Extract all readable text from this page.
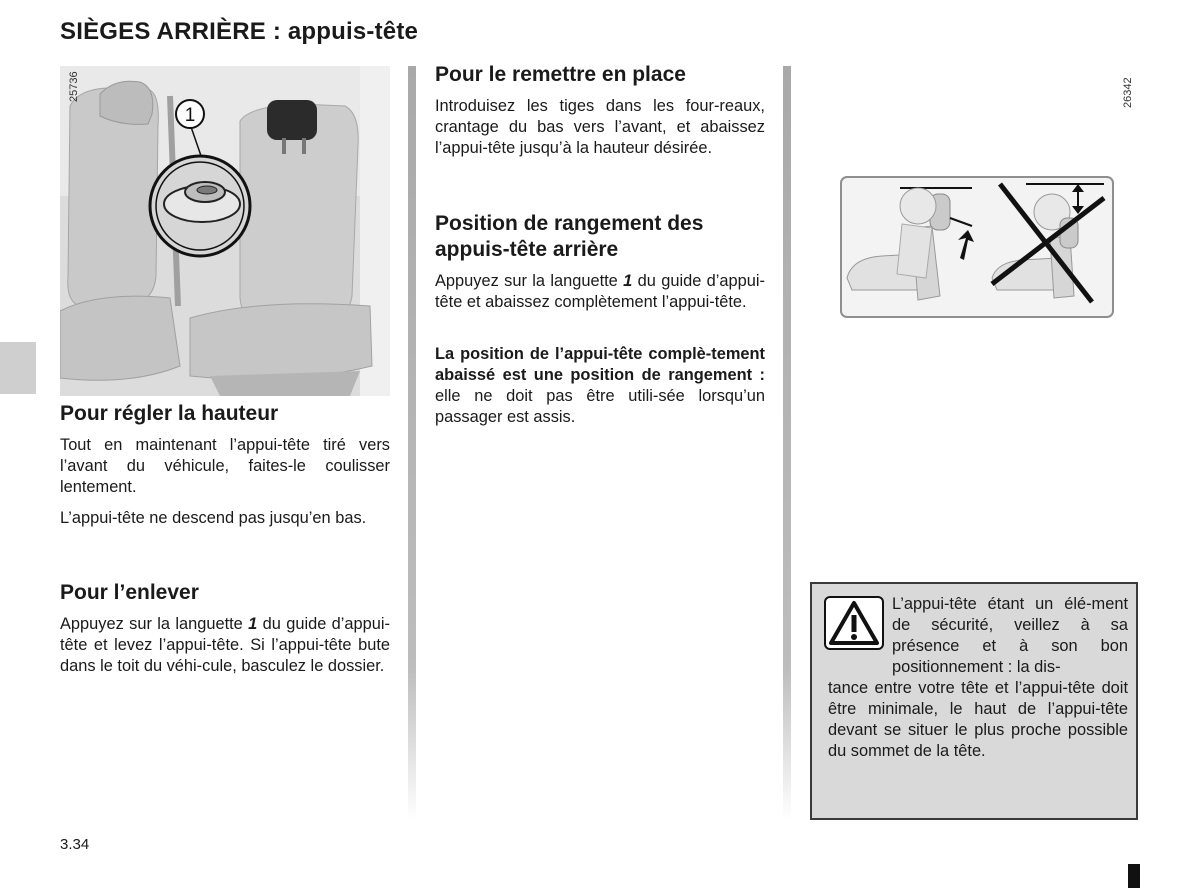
SIÈGES ARRIÈRE : appuis-tête
1
25736
Pour régler la hauteur

Tout en maintenant l’appui-tête tiré vers l’avant du véhicule, faites-le coulisser lentement.

L’appui-tête ne descend pas jusqu’en bas.

Pour l’enlever

Appuyez sur la languette 1 du guide d’appui-tête et levez l’appui-tête. Si l’appui-tête bute dans le toit du véhi-cule, basculez le dossier.

Pour le remettre en place

Introduisez les tiges dans les four-reaux, crantage du bas vers l’avant, et abaissez l’appui-tête jusqu’à la hauteur désirée.

Position de rangement des appuis-tête arrière

Appuyez sur la languette 1 du guide d’appui-tête et abaissez complètement l’appui-tête.

La position de l’appui-tête complè-tement abaissé est une position de rangement : elle ne doit pas être utili-sée lorsqu’un passager est assis.

26342

L’appui-tête étant un élé-ment de sécurité, veillez à sa présence et à son bon positionnement : la dis-

tance entre votre tête et l’appui-tête doit être minimale, le haut de l’appui-tête devant se situer le plus proche possible du sommet de la tête.

3.34
